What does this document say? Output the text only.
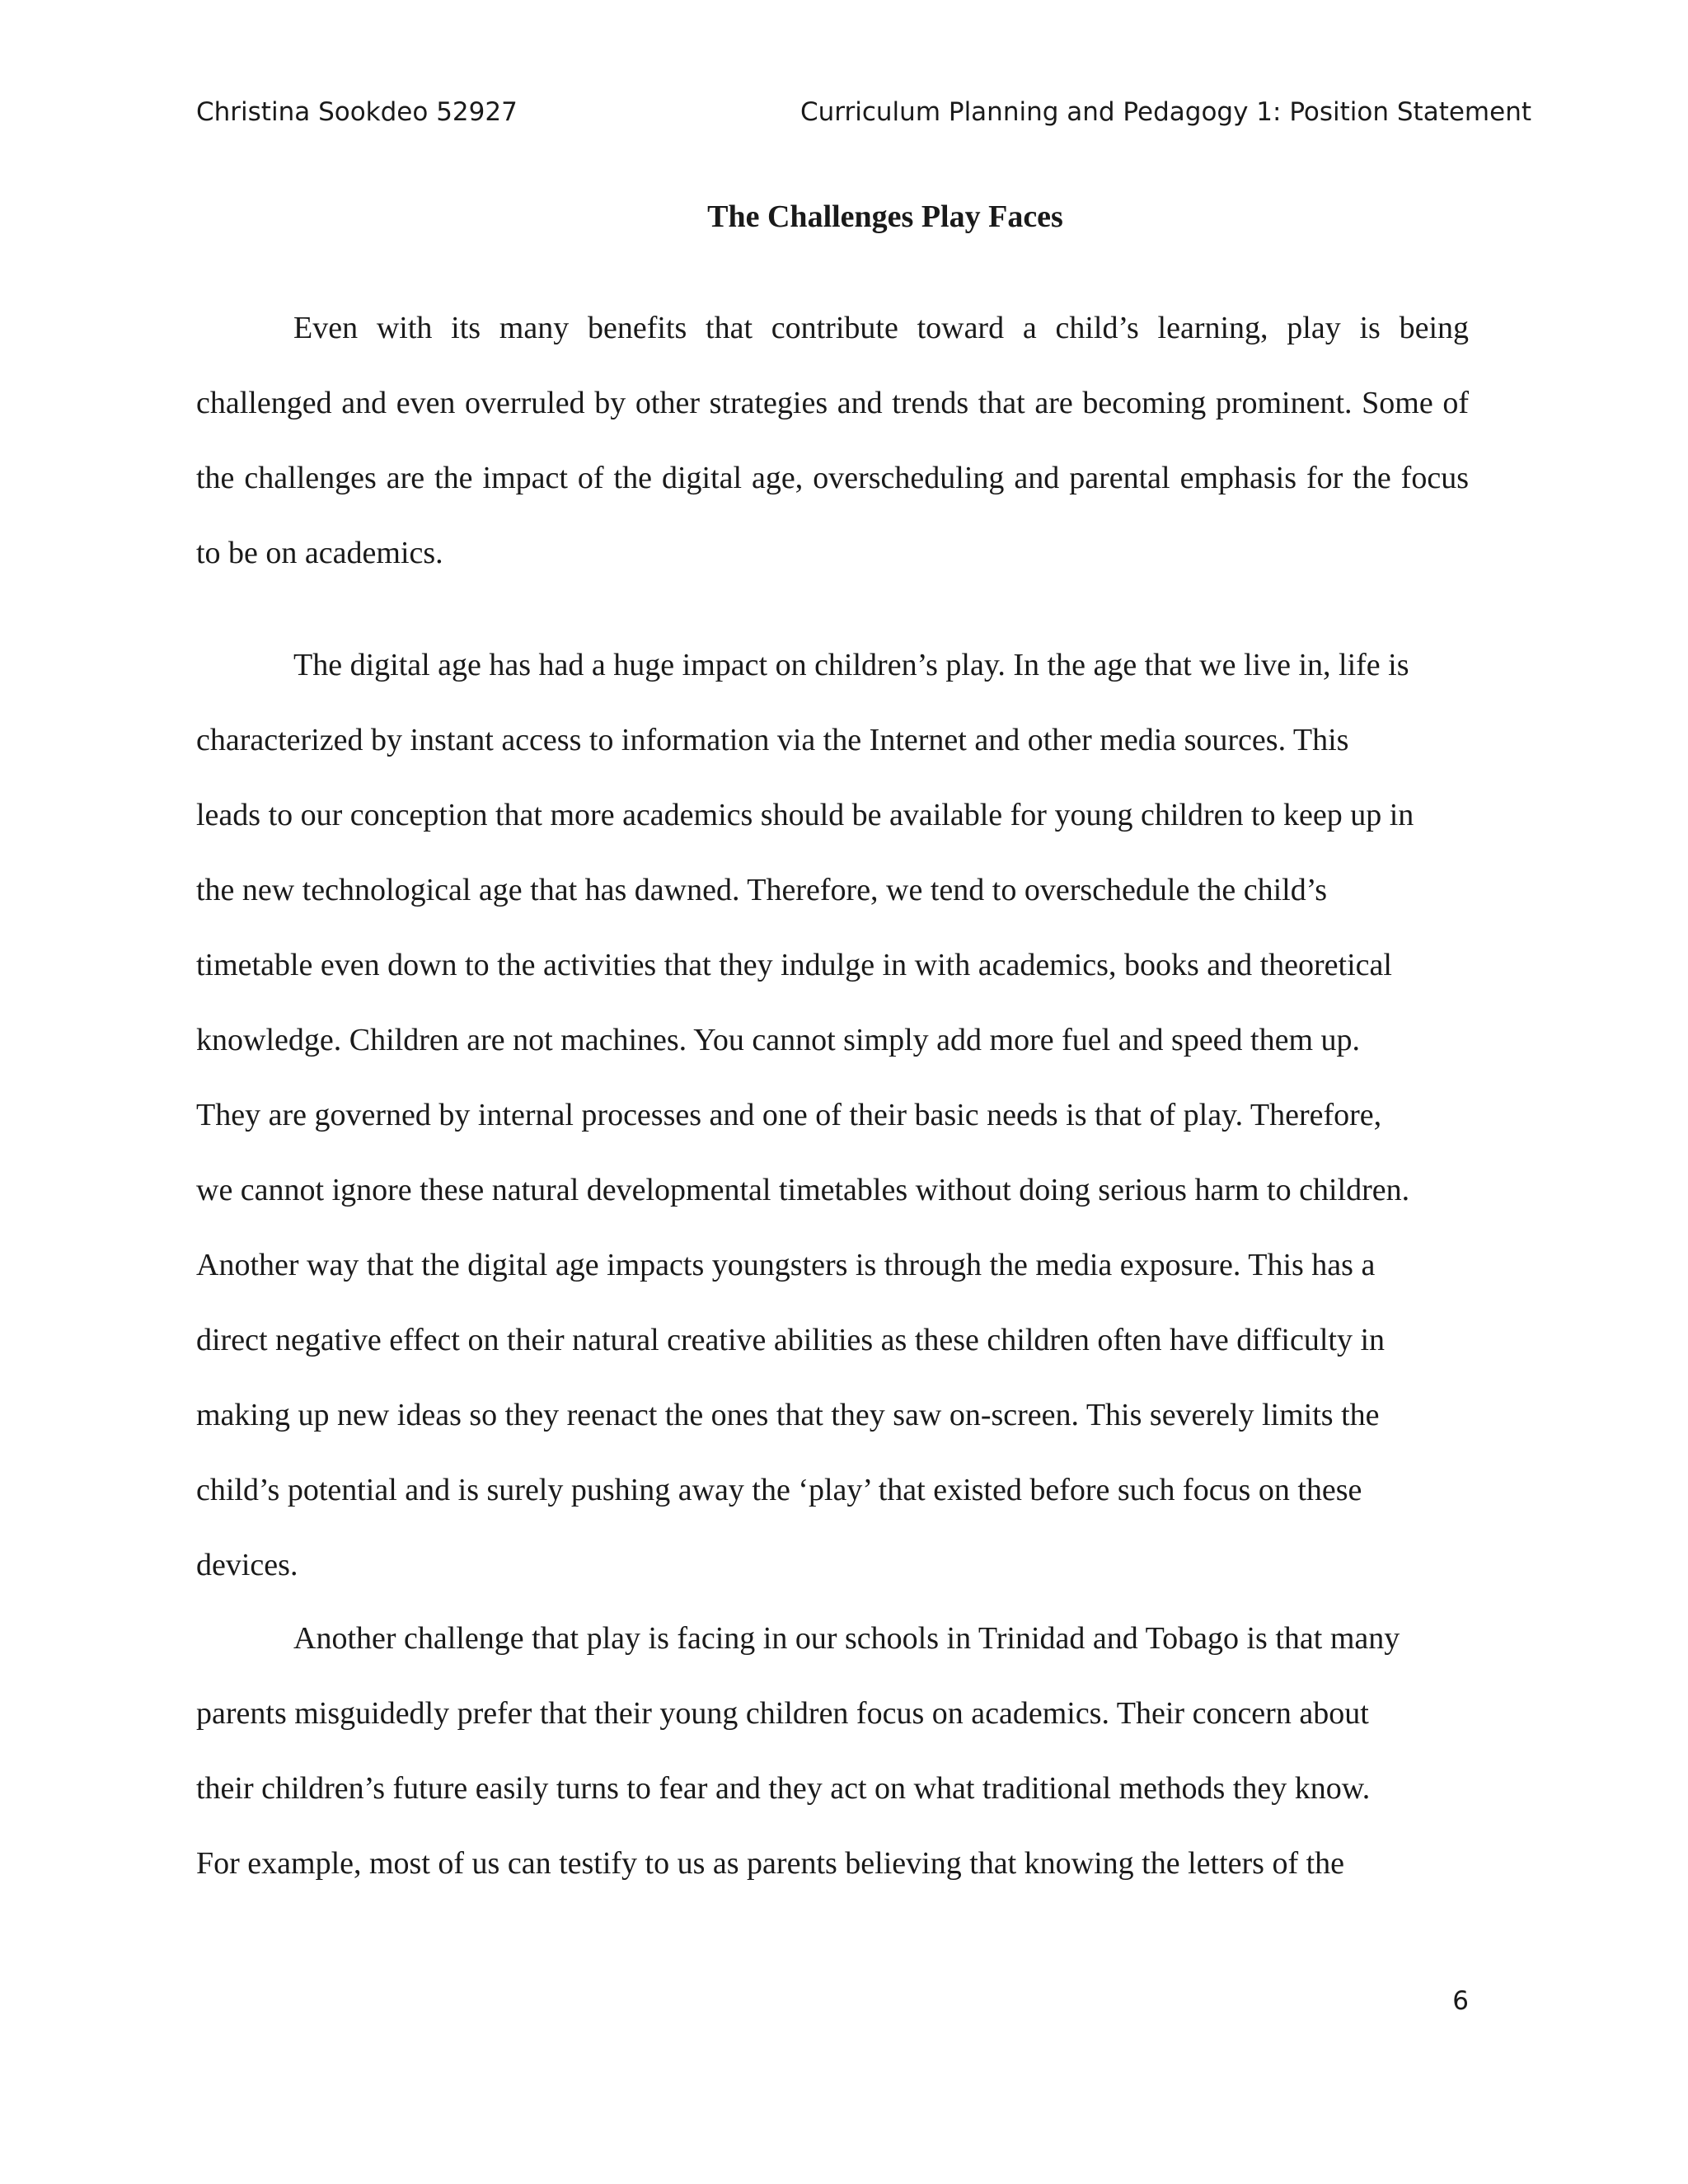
Christina Sookdeo 52927	Curriculum Planning and Pedagogy 1: Position Statement
The Challenges Play Faces

Even with its many benefits that contribute toward a child’s learning, play is being challenged and even overruled by other strategies and trends that are becoming prominent. Some of the challenges are the impact of the digital age, overscheduling and parental emphasis for the focus to be on academics.

The digital age has had a huge impact on children’s play. In the age that we live in, life is
characterized by instant access to information via the Internet and other media sources. This
leads to our conception that more academics should be available for young children to keep up in
the new technological age that has dawned. Therefore, we tend to overschedule the child’s
timetable even down to the activities that they indulge in with academics, books and theoretical
knowledge. Children are not machines. You cannot simply add more fuel and speed them up.
They are governed by internal processes and one of their basic needs is that of play. Therefore,
we cannot ignore these natural developmental timetables without doing serious harm to children.
Another way that the digital age impacts youngsters is through the media exposure. This has a
direct negative effect on their natural creative abilities as these children often have difficulty in
making up new ideas so they reenact the ones that they saw on-screen. This severely limits the
child’s potential and is surely pushing away the ‘play’ that existed before such focus on these
devices.
Another challenge that play is facing in our schools in Trinidad and Tobago is that many
parents misguidedly prefer that their young children focus on academics. Their concern about
their children’s future easily turns to fear and they act on what traditional methods they know.
For example, most of us can testify to us as parents believing that knowing the letters of the
6
